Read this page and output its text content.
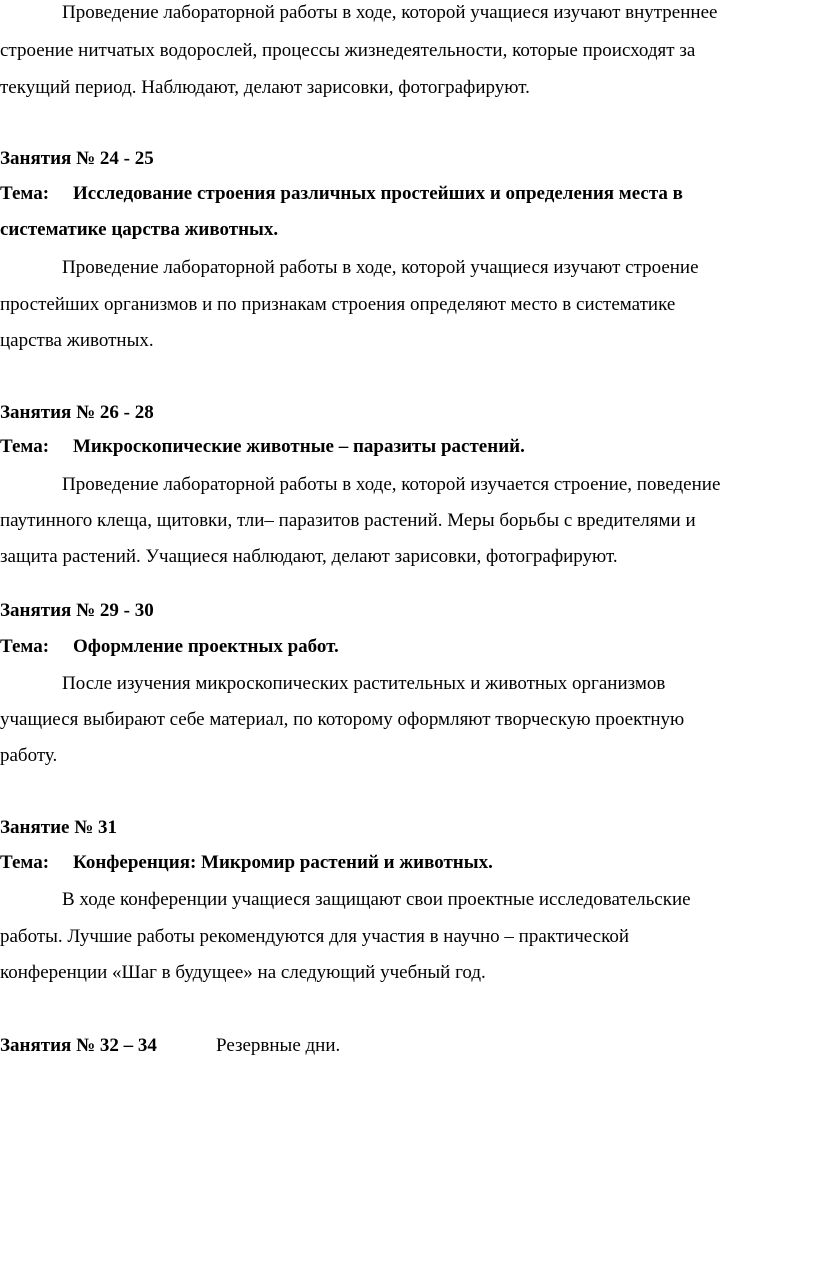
Проведение лабораторной работы в ходе, которой учащиеся изучают внутреннее
строение нитчатых водорослей, процессы жизнедеятельности, которые происходят за
текущий период. Наблюдают, делают зарисовки, фотографируют.
Занятия № 24 - 25
Тема: Исследование строения различных простейших и определения места в
систематике царства животных.
Проведение лабораторной работы в ходе, которой учащиеся изучают строение
простейших организмов и по признакам строения определяют место в систематике
царства животных.
Занятия № 26 - 28
Тема: Микроскопические животные – паразиты растений.
Проведение лабораторной работы в ходе, которой изучается строение, поведение
паутинного клеща, щитовки, тли– паразитов растений. Меры борьбы с вредителями и
защита растений. Учащиеся наблюдают, делают зарисовки, фотографируют.
Занятия № 29 - 30
Тема: Оформление проектных работ.
После изучения микроскопических растительных и животных организмов
учащиеся выбирают себе материал, по которому оформляют творческую проектную
работу.
Занятие № 31
Тема: Конференция: Микромир растений и животных.
В ходе конференции учащиеся защищают свои проектные исследовательские
работы. Лучшие работы рекомендуются для участия в научно – практической
конференции «Шаг в будущее» на следующий учебный год.
Занятия № 32 – 34	Резервные дни.
